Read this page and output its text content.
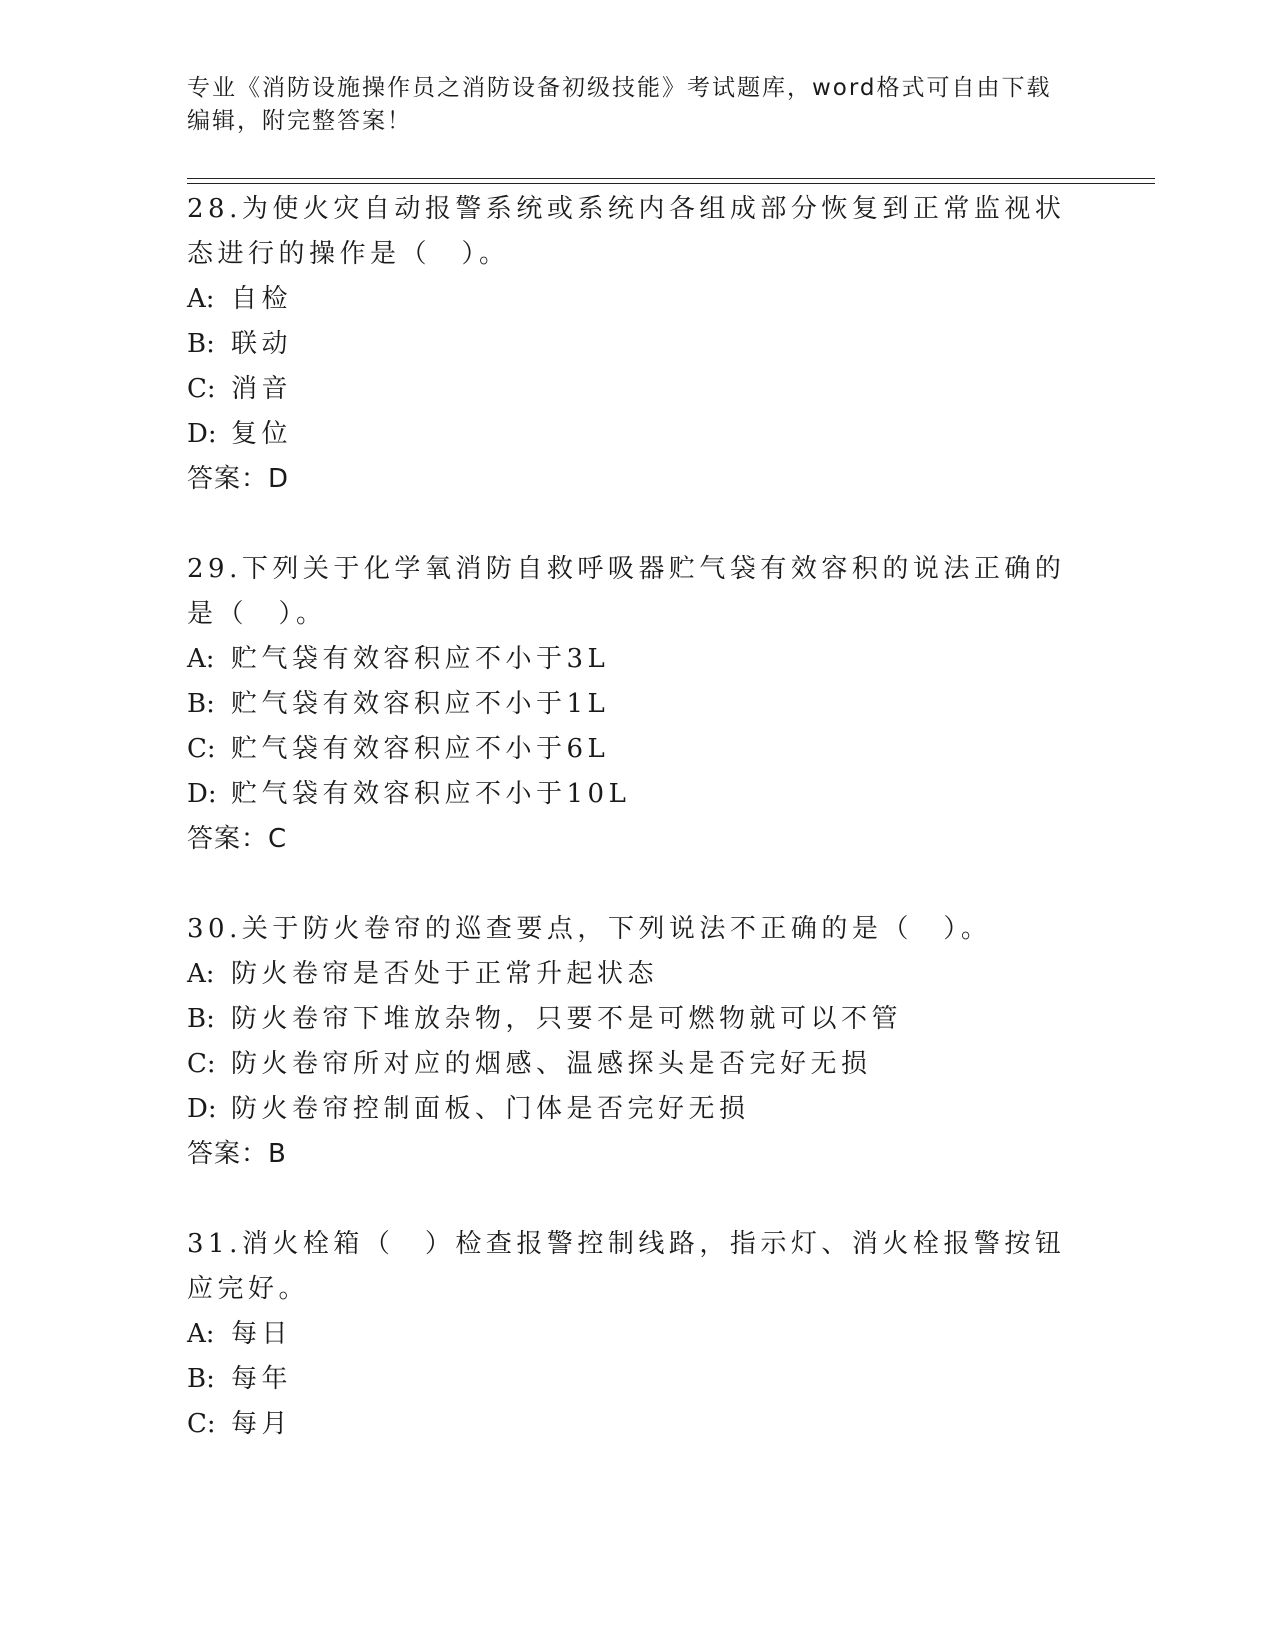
专业《消防设施操作员之消防设备初级技能》考试题库，word格式可自由下载编辑，附完整答案！

28.为使火灾自动报警系统或系统内各组成部分恢复到正常监视状态进行的操作是（　）。

A: 自检

B: 联动

C: 消音

D: 复位

答案：D

29.下列关于化学氧消防自救呼吸器贮气袋有效容积的说法正确的是（　）。

A: 贮气袋有效容积应不小于3L

B: 贮气袋有效容积应不小于1L

C: 贮气袋有效容积应不小于6L

D: 贮气袋有效容积应不小于10L

答案：C

30.关于防火卷帘的巡查要点，下列说法不正确的是（　）。

A: 防火卷帘是否处于正常升起状态

B: 防火卷帘下堆放杂物，只要不是可燃物就可以不管

C: 防火卷帘所对应的烟感、温感探头是否完好无损

D: 防火卷帘控制面板、门体是否完好无损

答案：B

31.消火栓箱（　）检查报警控制线路，指示灯、消火栓报警按钮应完好。

A: 每日

B: 每年

C: 每月
